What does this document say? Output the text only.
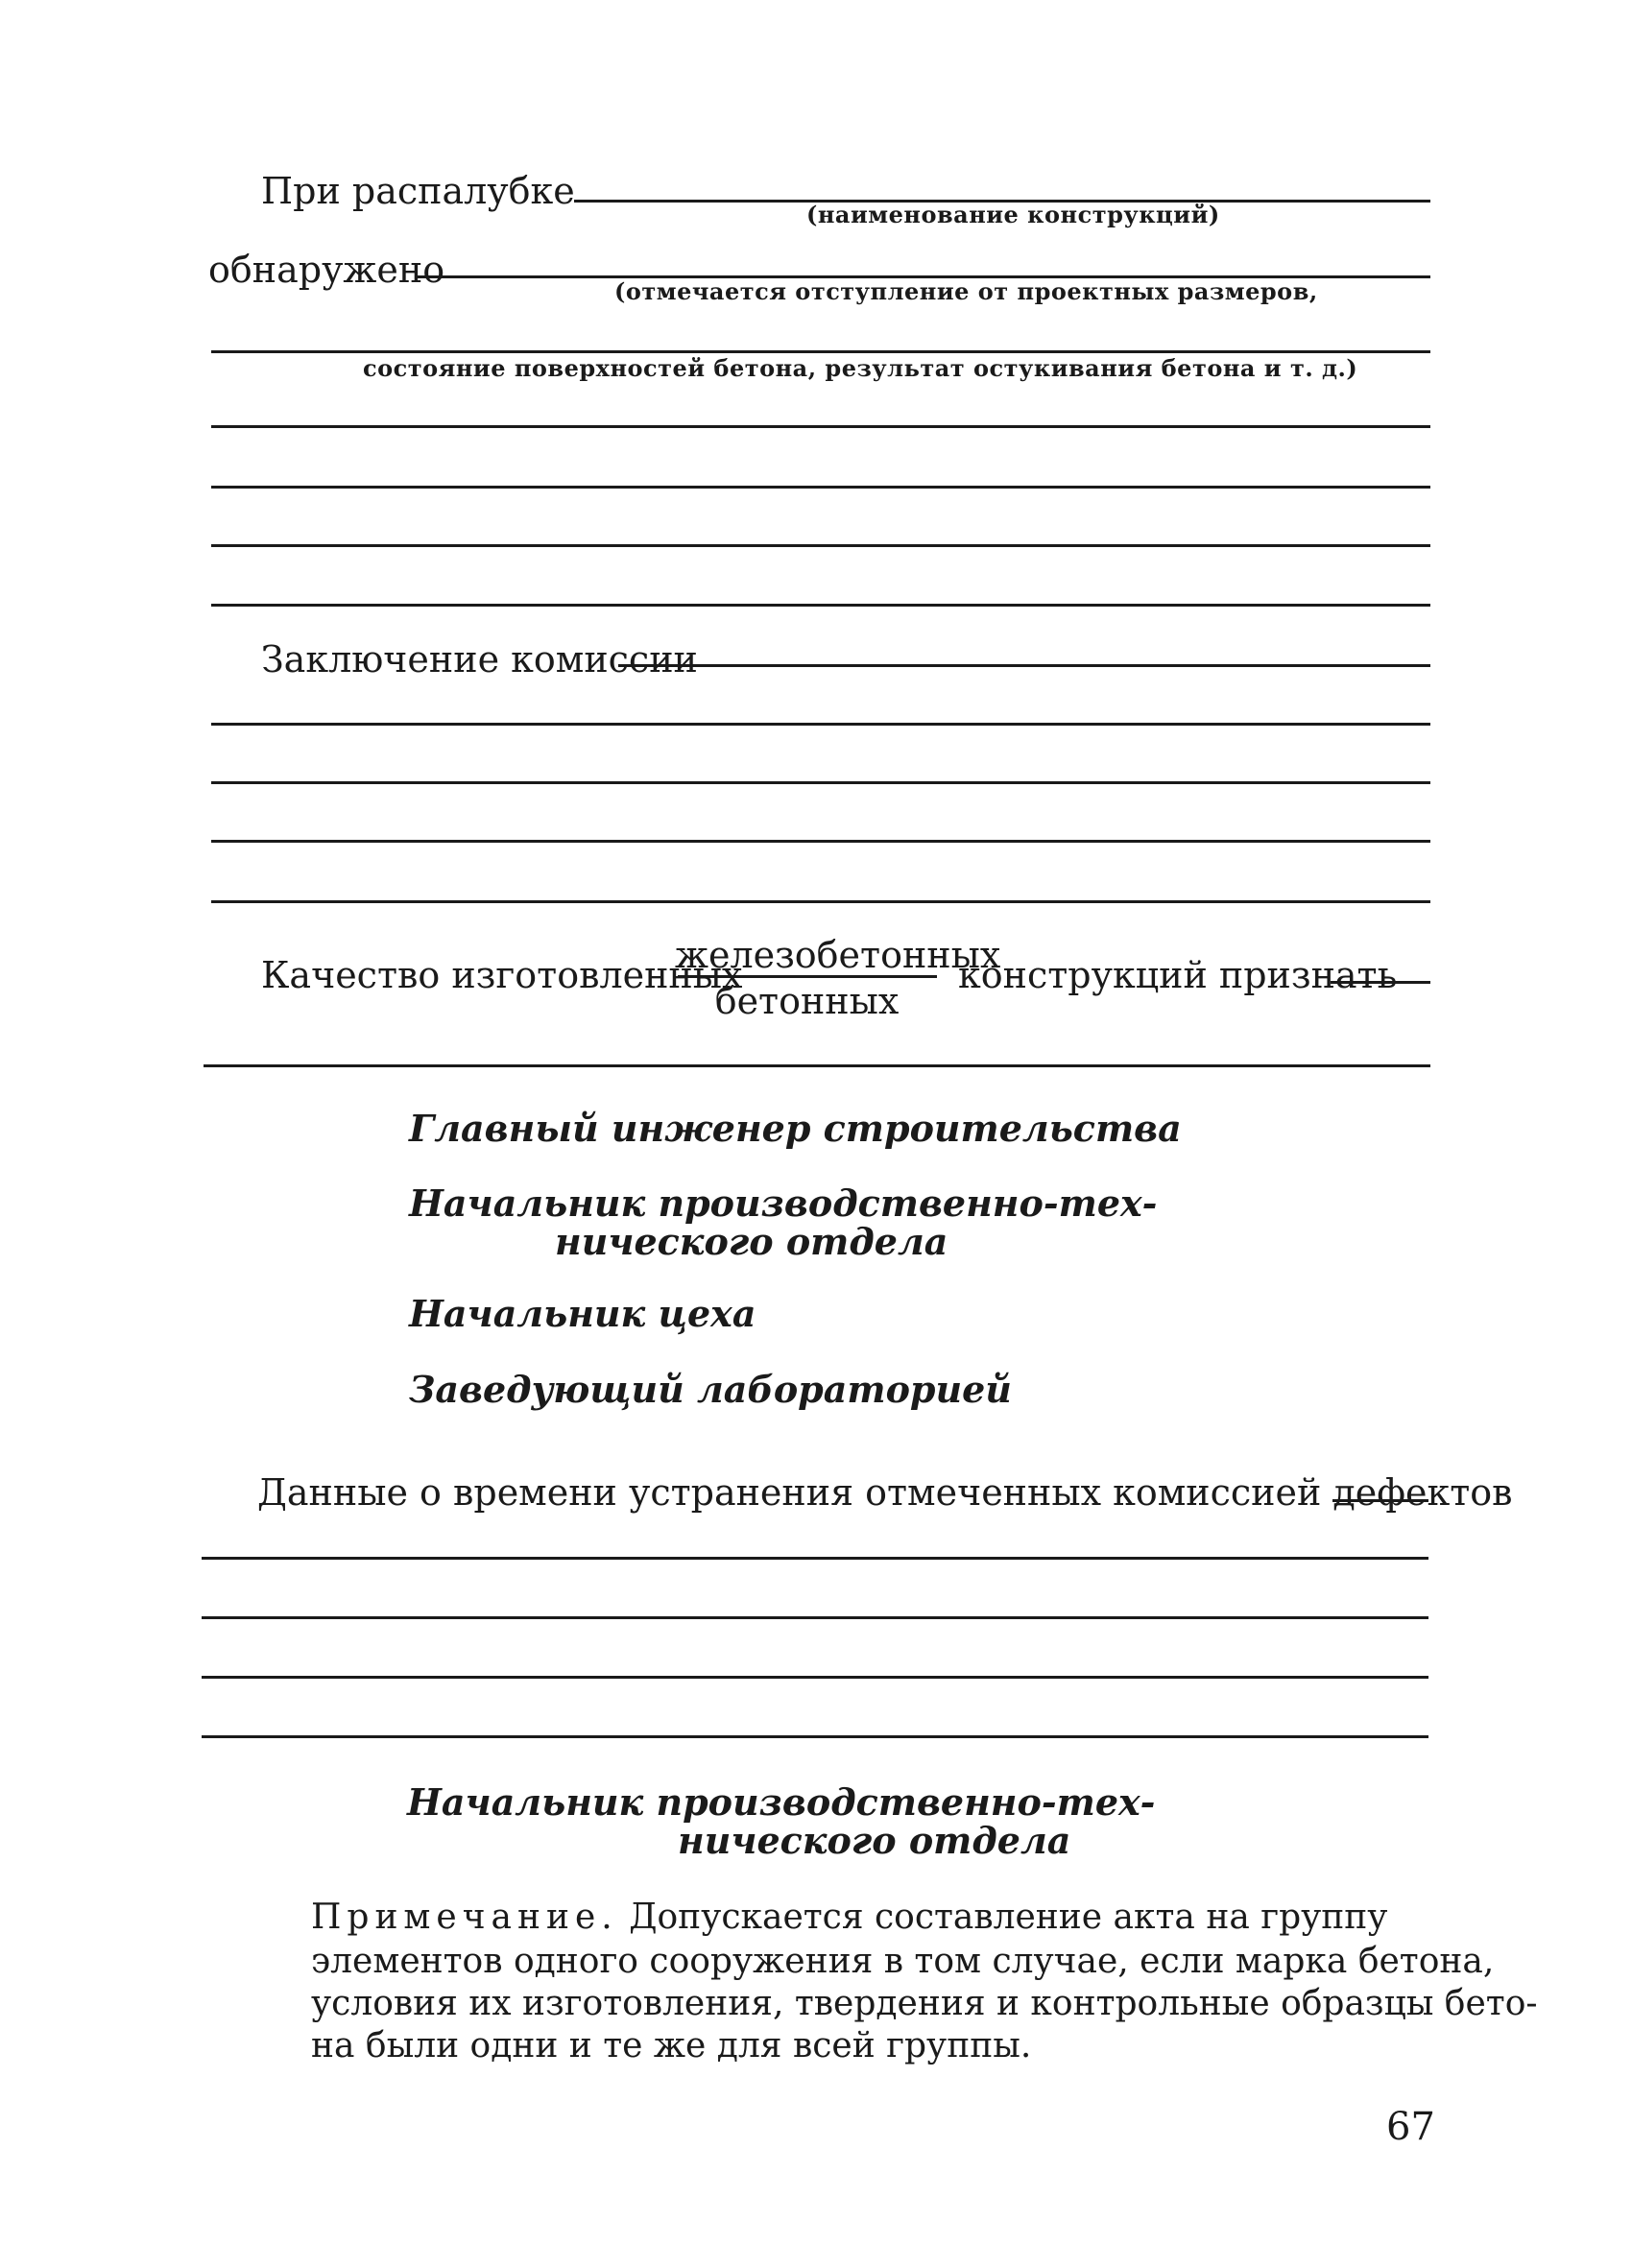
При распалубке
(наименование конструкций)
обнаружено
(отмечается отступление от проектных размеров,
состояние поверхностей бетона, результат остукивания бетона и т. д.)
Заключение комиссии
Качество изготовленных
железобетонных
бетонных
конструкций признать
Главный инженер строительства
Начальник производственно-тех-
нического отдела
Начальник цеха
Заведующий лабораторией
Данные о времени устранения отмеченных комиссией дефектов
Начальник производственно-тех-
нического отдела
Примечание. Допускается составление акта на группу
элементов одного сооружения в том случае, если марка бетона,
условия их изготовления, твердения и контрольные образцы бето-
на были одни и те же для всей группы.
67
